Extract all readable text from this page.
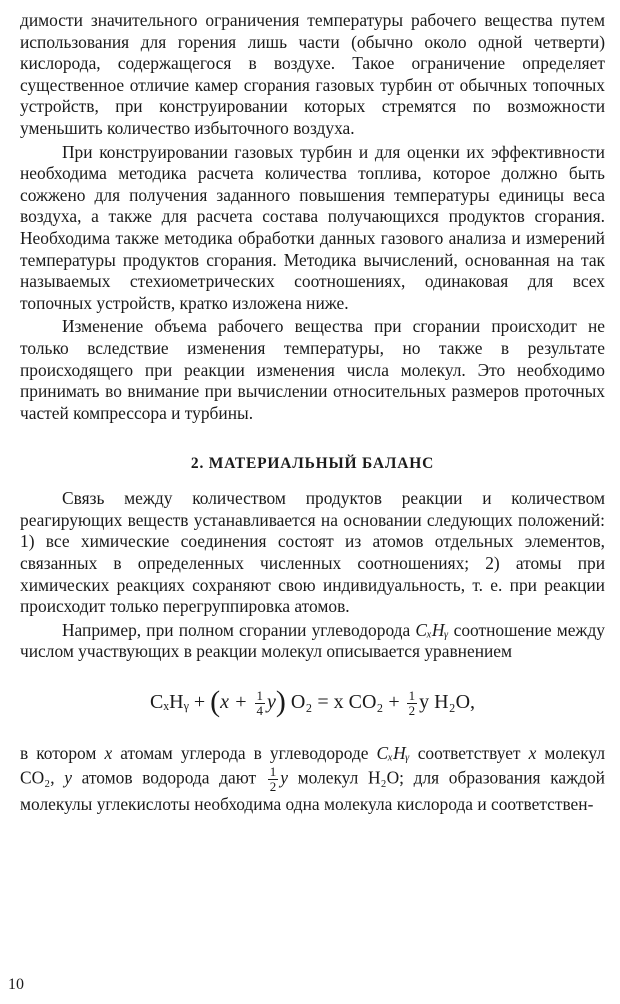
димости значительного ограничения температуры рабочего вещества путем использования для горения лишь части (обычно около одной четверти) кислорода, содержащегося в воздухе. Такое ограничение определяет существенное отличие камер сгорания газовых турбин от обычных топочных устройств, при конструировании которых стремятся по возможности уменьшить количество избыточного воздуха.

При конструировании газовых турбин и для оценки их эффективности необходима методика расчета количества топлива, которое должно быть сожжено для получения заданного повышения температуры единицы веса воздуха, а также для расчета состава получающихся продуктов сгорания. Необходима также методика обработки данных газового анализа и измерений температуры продуктов сгорания. Методика вычислений, основанная на так называемых стехиометрических соотношениях, одинаковая для всех топочных устройств, кратко изложена ниже.

Изменение объема рабочего вещества при сгорании происходит не только вследствие изменения температуры, но также в результате происходящего при реакции изменения числа молекул. Это необходимо принимать во внимание при вычислении относительных размеров проточных частей компрессора и турбины.

2. МАТЕРИАЛЬНЫЙ БАЛАНС

Связь между количеством продуктов реакции и количеством реагирующих веществ устанавливается на основании следующих положений: 1) все химические соединения состоят из атомов отдельных элементов, связанных в определенных численных соотношениях; 2) атомы при химических реакциях сохраняют свою индивидуальность, т. е. при реакции происходит только перегруппировка атомов.

Например, при полном сгорании углеводорода CₓHᵧ соотношение между числом участвующих в реакции молекул описывается уравнением

CₓHᵧ + $(x + \frac{1}{4} y)$ O₂ = x $CO_2 + \frac{1}{2}$ y H₂O,

в котором x атомам углерода в углеводороде CₓHᵧ соответствует x молекул CO₂, y атомов водорода дают $\frac{1}{2}$ y молекул H₂O; для образования каждой молекулы углекислоты необходима одна молекула кислорода и соответствен-

10
